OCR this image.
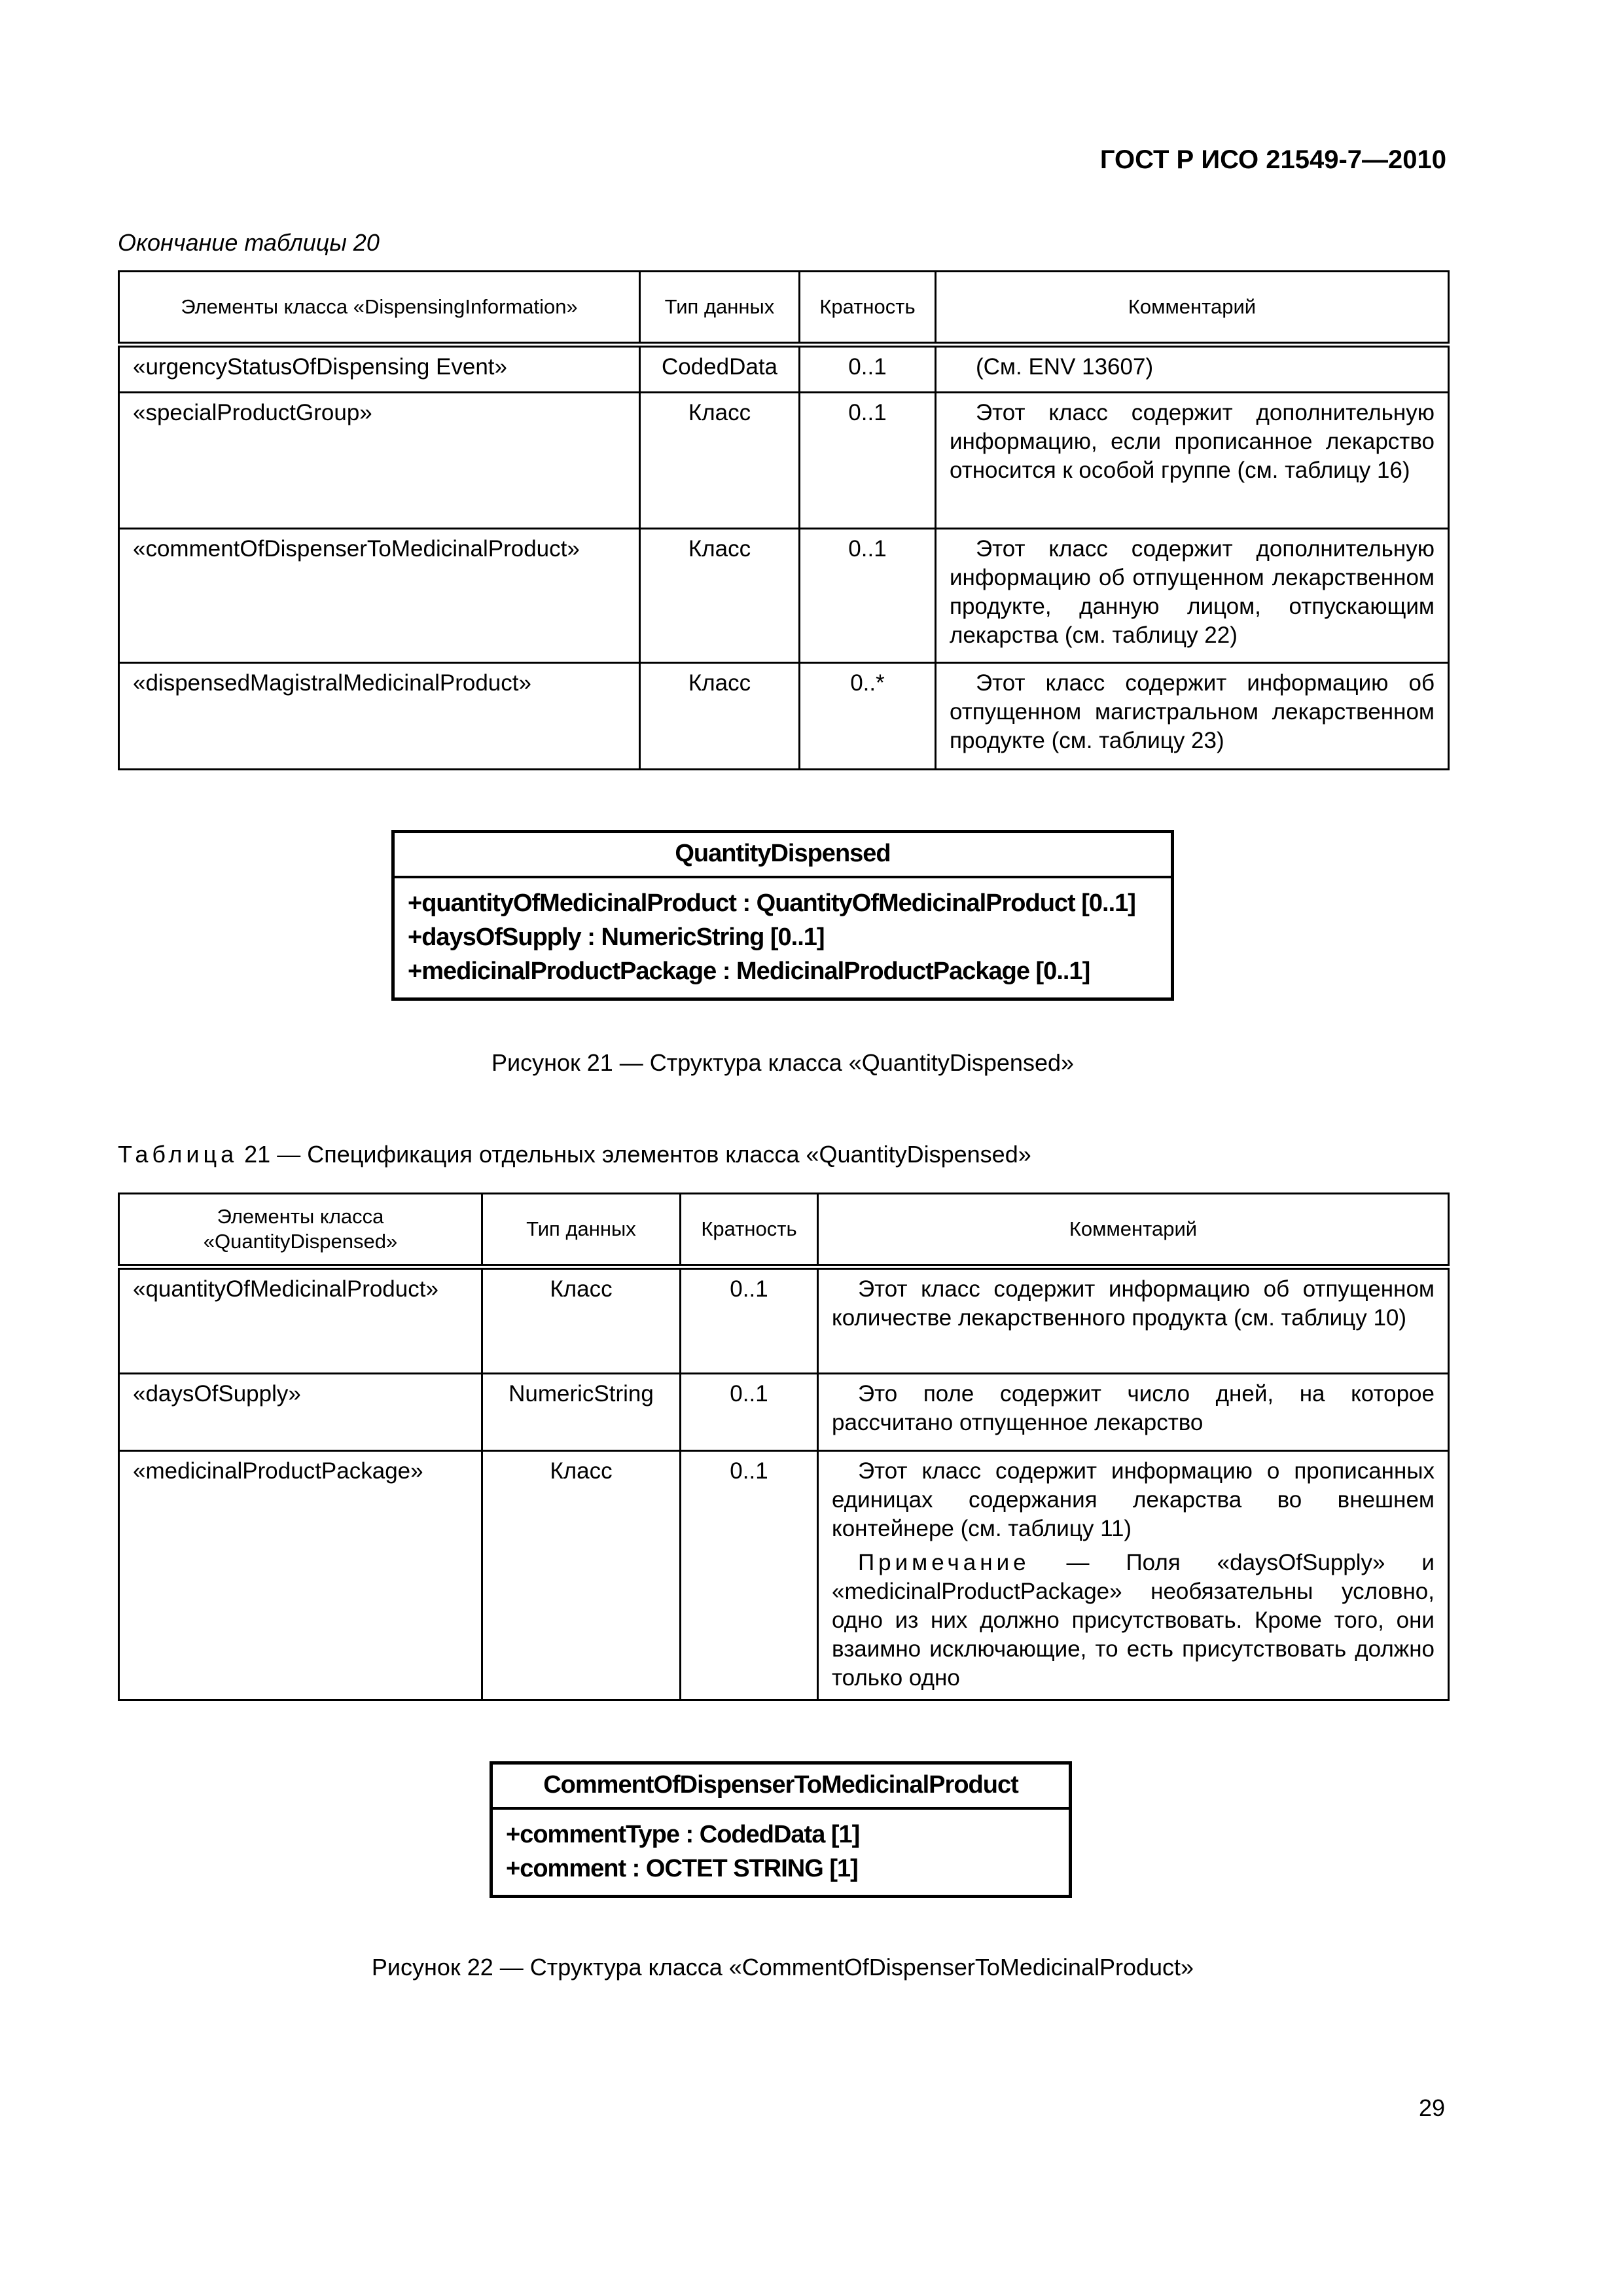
ГОСТ Р ИСО 21549-7—2010
Окончание таблицы 20
Элементы класса «DispensingInformation»	Тип данных	Кратность	Комментарий
«urgencyStatusOfDispensing Event»	CodedData	0..1	(См. ENV 13607)

«specialProductGroup»	Класс	0..1	Этот класс содержит дополнительную информацию, если прописанное лекарство относится к особой группе (см. таблицу 16)

«commentOfDispenserToMedicinalProduct»	Класс	0..1	Этот класс содержит дополнительную информацию об отпущенном лекарственном продукте, данную лицом, отпускающим лекарства (см. таблицу 22)

«dispensedMagistralMedicinalProduct»	Класс	0..*	Этот класс содержит информацию об отпущенном магистральном лекарственном продукте (см. таблицу 23)

QuantityDispensed
+quantityOfMedicinalProduct : QuantityOfMedicinalProduct [0..1]
+daysOfSupply : NumericString [0..1]
+medicinalProductPackage : MedicinalProductPackage [0..1]
Рисунок 21 — Структура класса «QuantityDispensed»
Таблица 21 — Спецификация отдельных элементов класса «QuantityDispensed»
Элементы класса «QuantityDispensed»	Тип данных	Кратность	Комментарий
«quantityOfMedicinalProduct»	Класс	0..1	Этот класс содержит информацию об отпущенном количестве лекарственного продукта (см. таблицу 10)

«daysOfSupply»	NumericString	0..1	Это поле содержит число дней, на которое рассчитано отпущенное лекарство

«medicinalProductPackage»	Класс	0..1	Этот класс содержит информацию о прописанных единицах содержания лекарства во внешнем контейнере (см. таблицу 11)

Примечание — Поля «daysOfSupply» и «medicinalProductPackage» необязательны условно, одно из них должно присутствовать. Кроме того, они взаимно исключающие, то есть присутствовать должно только одно

CommentOfDispenserToMedicinalProduct
+commentType : CodedData [1]
+comment : OCTET STRING [1]
Рисунок 22 — Структура класса «CommentOfDispenserToMedicinalProduct»
29
